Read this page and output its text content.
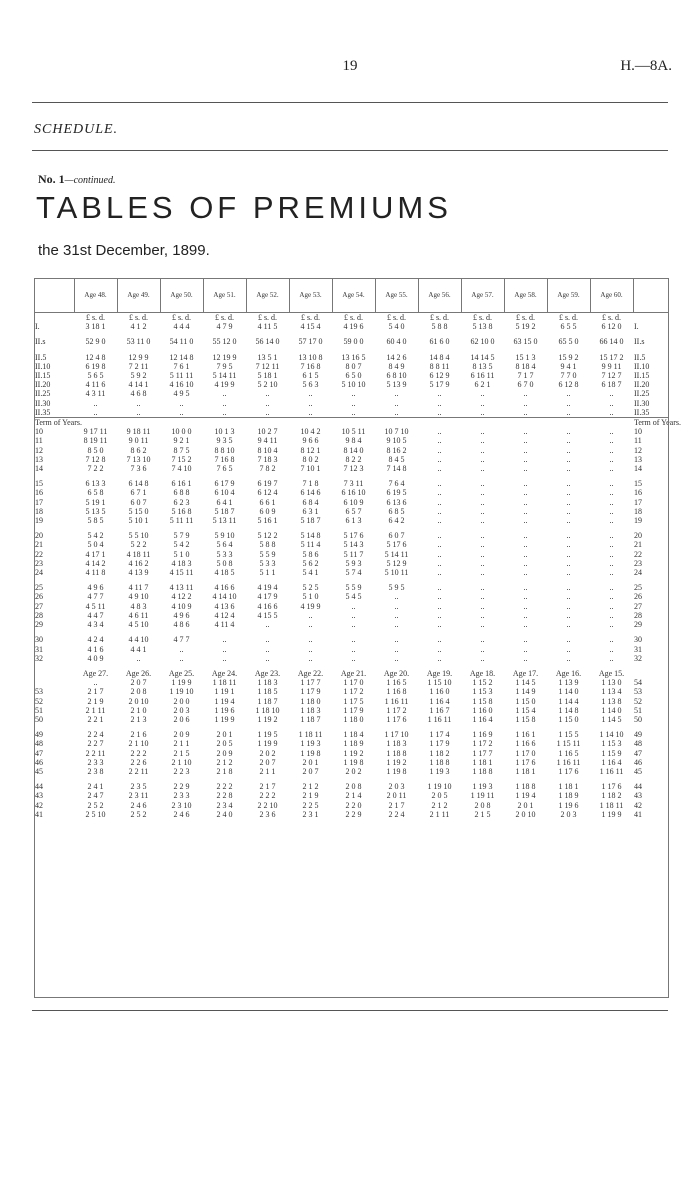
19	H.—8A.
SCHEDULE.
No. 1—continued.
TABLES OF PREMIUMS
the 31st December, 1899.
	Age 48.	Age 49.	Age 50.	Age 51.	Age 52.	Age 53.	Age 54.	Age 55.	Age 56.	Age 57.	Age 58.	Age 59.	Age 60.	
	£ s. d.	£ s. d.	£ s. d.	£ s. d.	£ s. d.	£ s. d.	£ s. d.	£ s. d.	£ s. d.	£ s. d.	£ s. d.	£ s. d.	£ s. d.	
I.	3 18 1	4 1 2	4 4 4	4 7 9	4 11 5	4 15 4	4 19 6	5 4 0	5 8 8	5 13 8	5 19 2	6 5 5	6 12 0	I.

II.s	52 9 0	53 11 0	54 11 0	55 12 0	56 14 0	57 17 0	59 0 0	60 4 0	61 6 0	62 10 0	63 15 0	65 5 0	66 14 0	II.s

II.5	12 4 8	12 9 9	12 14 8	12 19 9	13 5 1	13 10 8	13 16 5	14 2 6	14 8 4	14 14 5	15 1 3	15 9 2	15 17 2	II.5
II.10	6 19 8	7 2 11	7 6 1	7 9 5	7 12 11	7 16 8	8 0 7	8 4 9	8 8 11	8 13 5	8 18 4	9 4 1	9 9 11	II.10
II.15	5 6 5	5 9 2	5 11 11	5 14 11	5 18 1	6 1 5	6 5 0	6 8 10	6 12 9	6 16 11	7 1 7	7 7 0	7 12 7	II.15
II.20	4 11 6	4 14 1	4 16 10	4 19 9	5 2 10	5 6 3	5 10 10	5 13 9	5 17 9	6 2 1	6 7 0	6 12 8	6 18 7	II.20
II.25	4 3 11	4 6 8	4 9 5	..	..	..	..	..	..	..	..	..	..	II.25
II.30	..	..	..	..	..	..	..	..	..	..	..	..	..	II.30
II.35	..	..	..	..	..	..	..	..	..	..	..	..	..	II.35
Term of Years.														Term of Years.
10	9 17 11	9 18 11	10 0 0	10 1 3	10 2 7	10 4 2	10 5 11	10 7 10	..	..	..	..	..	10
11	8 19 11	9 0 11	9 2 1	9 3 5	9 4 11	9 6 6	9 8 4	9 10 5	..	..	..	..	..	11
12	8 5 0	8 6 2	8 7 5	8 8 10	8 10 4	8 12 1	8 14 0	8 16 2	..	..	..	..	..	12
13	7 12 8	7 13 10	7 15 2	7 16 8	7 18 3	8 0 2	8 2 2	8 4 5	..	..	..	..	..	13
14	7 2 2	7 3 6	7 4 10	7 6 5	7 8 2	7 10 1	7 12 3	7 14 8	..	..	..	..	..	14

15	6 13 3	6 14 8	6 16 1	6 17 9	6 19 7	7 1 8	7 3 11	7 6 4	..	..	..	..	..	15
16	6 5 8	6 7 1	6 8 8	6 10 4	6 12 4	6 14 6	6 16 10	6 19 5	..	..	..	..	..	16
17	5 19 1	6 0 7	6 2 3	6 4 1	6 6 1	6 8 4	6 10 9	6 13 6	..	..	..	..	..	17
18	5 13 5	5 15 0	5 16 8	5 18 7	6 0 9	6 3 1	6 5 7	6 8 5	..	..	..	..	..	18
19	5 8 5	5 10 1	5 11 11	5 13 11	5 16 1	5 18 7	6 1 3	6 4 2	..	..	..	..	..	19

20	5 4 2	5 5 10	5 7 9	5 9 10	5 12 2	5 14 8	5 17 6	6 0 7	..	..	..	..	..	20
21	5 0 4	5 2 2	5 4 2	5 6 4	5 8 8	5 11 4	5 14 3	5 17 6	..	..	..	..	..	21
22	4 17 1	4 18 11	5 1 0	5 3 3	5 5 9	5 8 6	5 11 7	5 14 11	..	..	..	..	..	22
23	4 14 2	4 16 2	4 18 3	5 0 8	5 3 3	5 6 2	5 9 3	5 12 9	..	..	..	..	..	23
24	4 11 8	4 13 9	4 15 11	4 18 5	5 1 1	5 4 1	5 7 4	5 10 11	..	..	..	..	..	24

25	4 9 6	4 11 7	4 13 11	4 16 6	4 19 4	5 2 5	5 5 9	5 9 5	..	..	..	..	..	25
26	4 7 7	4 9 10	4 12 2	4 14 10	4 17 9	5 1 0	5 4 5	..	..	..	..	..	..	26
27	4 5 11	4 8 3	4 10 9	4 13 6	4 16 6	4 19 9	..	..	..	..	..	..	..	27
28	4 4 7	4 6 11	4 9 6	4 12 4	4 15 5	..	..	..	..	..	..	..	..	28
29	4 3 4	4 5 10	4 8 6	4 11 4	..	..	..	..	..	..	..	..	..	29

30	4 2 4	4 4 10	4 7 7	..	..	..	..	..	..	..	..	..	..	30
31	4 1 6	4 4 1	..	..	..	..	..	..	..	..	..	..	..	31
32	4 0 9	..	..	..	..	..	..	..	..	..	..	..	..	32

	Age 27.	Age 26.	Age 25.	Age 24.	Age 23.	Age 22.	Age 21.	Age 20.	Age 19.	Age 18.	Age 17.	Age 16.	Age 15.	
	..	2 0 7	1 19 9	1 18 11	1 18 3	1 17 7	1 17 0	1 16 5	1 15 10	1 15 2	1 14 5	1 13 9	1 13 0	54
53	2 1 7	2 0 8	1 19 10	1 19 1	1 18 5	1 17 9	1 17 2	1 16 8	1 16 0	1 15 3	1 14 9	1 14 0	1 13 4	53
52	2 1 9	2 0 10	2 0 0	1 19 4	1 18 7	1 18 0	1 17 5	1 16 11	1 16 4	1 15 8	1 15 0	1 14 4	1 13 8	52
51	2 1 11	2 1 0	2 0 3	1 19 6	1 18 10	1 18 3	1 17 9	1 17 2	1 16 7	1 16 0	1 15 4	1 14 8	1 14 0	51
50	2 2 1	2 1 3	2 0 6	1 19 9	1 19 2	1 18 7	1 18 0	1 17 6	1 16 11	1 16 4	1 15 8	1 15 0	1 14 5	50

49	2 2 4	2 1 6	2 0 9	2 0 1	1 19 5	1 18 11	1 18 4	1 17 10	1 17 4	1 16 9	1 16 1	1 15 5	1 14 10	49
48	2 2 7	2 1 10	2 1 1	2 0 5	1 19 9	1 19 3	1 18 9	1 18 3	1 17 9	1 17 2	1 16 6	1 15 11	1 15 3	48
47	2 2 11	2 2 2	2 1 5	2 0 9	2 0 2	1 19 8	1 19 2	1 18 8	1 18 2	1 17 7	1 17 0	1 16 5	1 15 9	47
46	2 3 3	2 2 6	2 1 10	2 1 2	2 0 7	2 0 1	1 19 8	1 19 2	1 18 8	1 18 1	1 17 6	1 16 11	1 16 4	46
45	2 3 8	2 2 11	2 2 3	2 1 8	2 1 1	2 0 7	2 0 2	1 19 8	1 19 3	1 18 8	1 18 1	1 17 6	1 16 11	45

44	2 4 1	2 3 5	2 2 9	2 2 2	2 1 7	2 1 2	2 0 8	2 0 3	1 19 10	1 19 3	1 18 8	1 18 1	1 17 6	44
43	2 4 7	2 3 11	2 3 3	2 2 8	2 2 2	2 1 9	2 1 4	2 0 11	2 0 5	1 19 11	1 19 4	1 18 9	1 18 2	43
42	2 5 2	2 4 6	2 3 10	2 3 4	2 2 10	2 2 5	2 2 0	2 1 7	2 1 2	2 0 8	2 0 1	1 19 6	1 18 11	42
41	2 5 10	2 5 2	2 4 6	2 4 0	2 3 6	2 3 1	2 2 9	2 2 4	2 1 11	2 1 5	2 0 10	2 0 3	1 19 9	41
